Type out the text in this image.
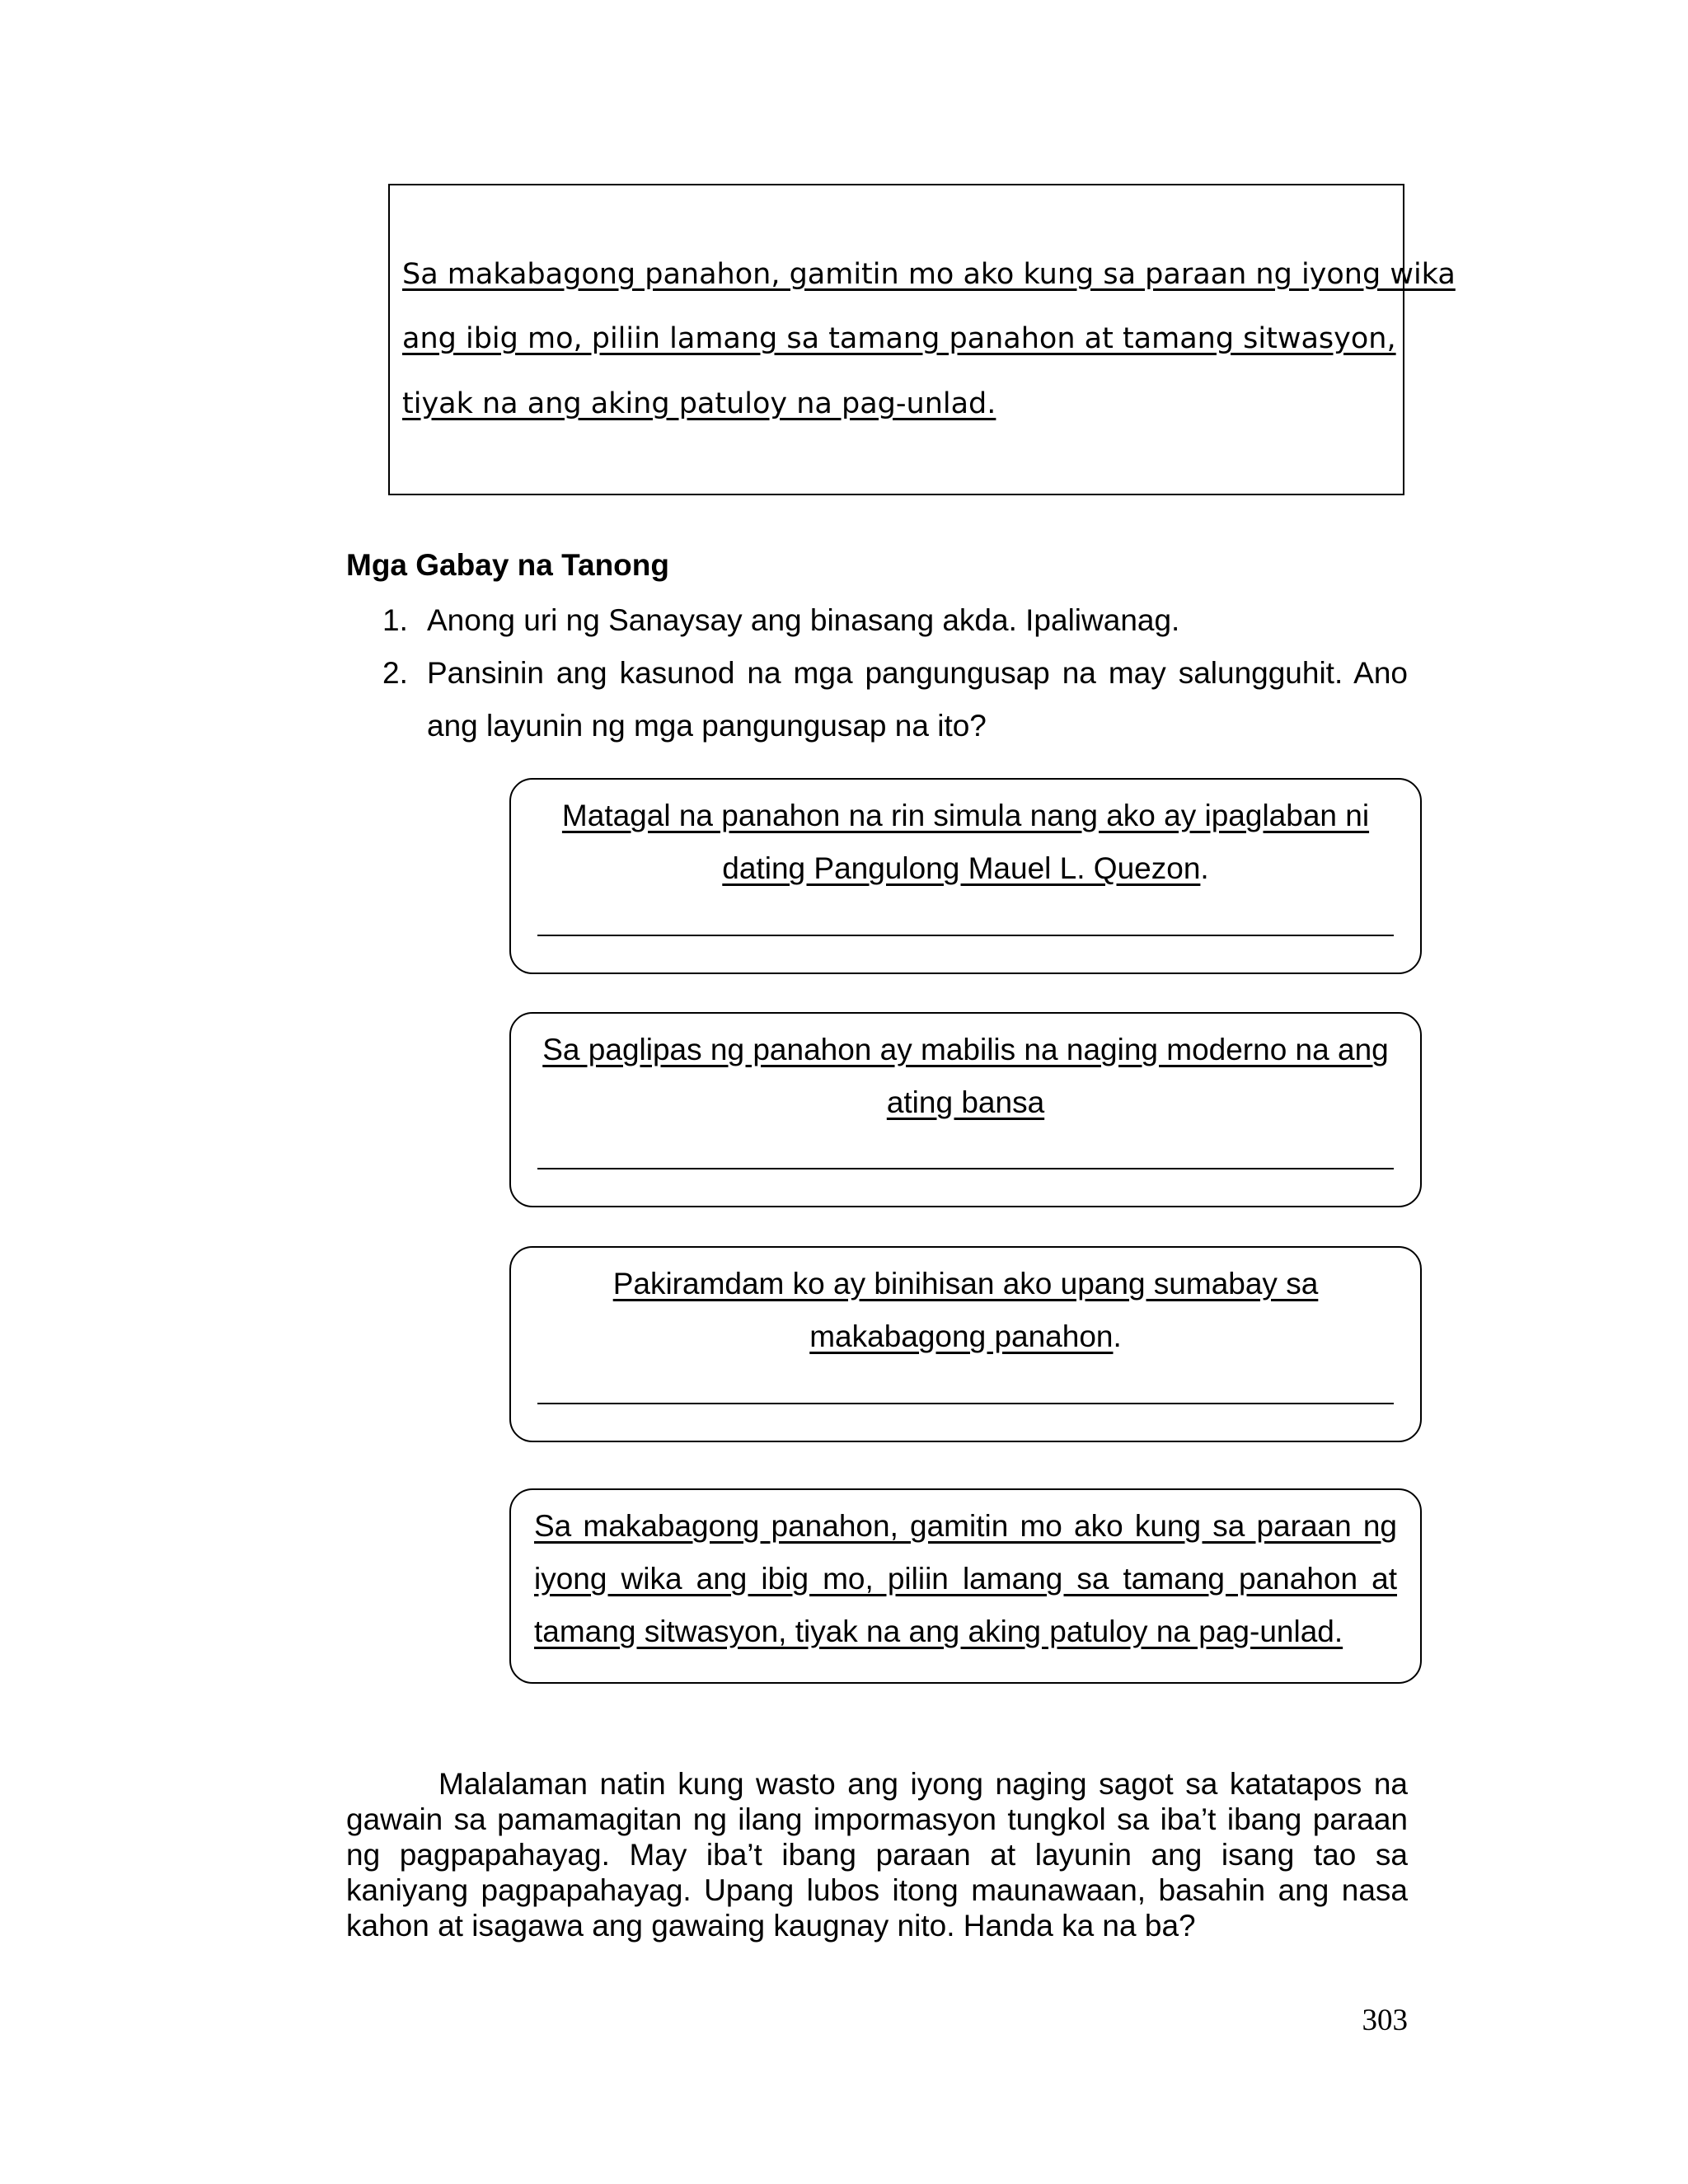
Sa makabagong panahon, gamitin mo ako kung sa paraan ng iyong wika
ang ibig mo, piliin lamang sa tamang panahon at tamang sitwasyon,
tiyak na ang aking patuloy na pag-unlad.
Mga Gabay na Tanong
1. Anong uri ng Sanaysay ang binasang akda. Ipaliwanag.
2. Pansinin ang kasunod na mga pangungusap na may salungguhit. Ano
ang layunin ng mga pangungusap na ito?
Matagal na panahon na rin simula nang ako ay ipaglaban ni
dating Pangulong Mauel L. Quezon.
Sa paglipas ng panahon ay mabilis na naging moderno na ang
ating bansa
Pakiramdam ko ay binihisan ako upang sumabay sa
makabagong panahon.
Sa makabagong panahon, gamitin mo ako kung sa paraan ng
iyong wika ang ibig mo, piliin lamang sa tamang panahon at
tamang sitwasyon, tiyak na ang aking patuloy na pag-unlad.
Malalaman natin kung wasto ang iyong naging sagot sa katatapos na
gawain sa pamamagitan ng ilang impormasyon tungkol sa iba’t ibang paraan
ng pagpapahayag. May iba’t ibang paraan at layunin ang isang tao sa
kaniyang pagpapahayag. Upang lubos itong maunawaan, basahin ang nasa
kahon at isagawa ang gawaing kaugnay nito. Handa ka na ba?
303
